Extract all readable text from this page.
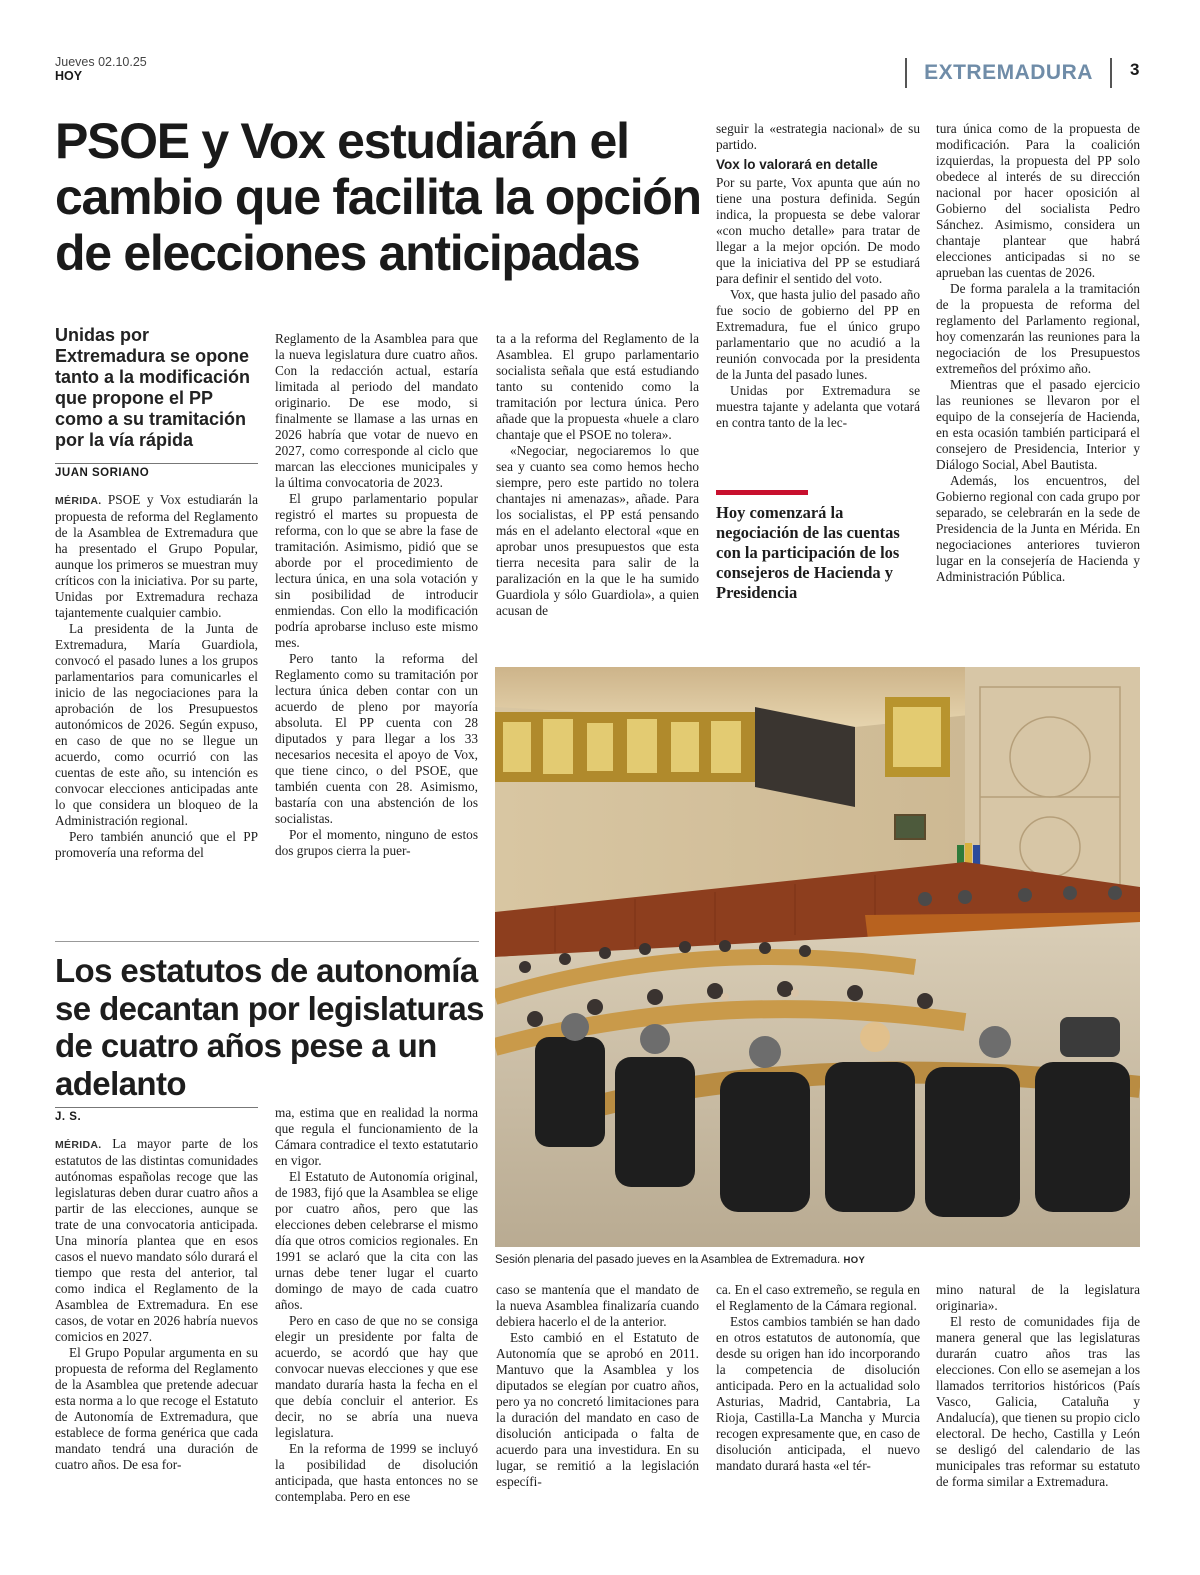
Jueves 02.10.25
HOY	EXTREMADURA	3
PSOE y Vox estudiarán el cambio que facilita la opción de elecciones anticipadas
Unidas por Extremadura se opone tanto a la modificación que propone el PP como a su tramitación por la vía rápida
JUAN SORIANO

MÉRIDA. PSOE y Vox estudiarán la propuesta de reforma del Reglamento de la Asamblea de Extremadura que ha presentado el Grupo Popular, aunque los primeros se muestran muy críticos con la iniciativa. Por su parte, Unidas por Extremadura rechaza tajantemente cualquier cambio.

La presidenta de la Junta de Extremadura, María Guardiola, convocó el pasado lunes a los grupos parlamentarios para comunicarles el inicio de las negociaciones para la aprobación de los Presupuestos autonómicos de 2026. Según expuso, en caso de que no se llegue un acuerdo, como ocurrió con las cuentas de este año, su intención es convocar elecciones anticipadas ante lo que considera un bloqueo de la Administración regional.

Pero también anunció que el PP promovería una reforma del

Reglamento de la Asamblea para que la nueva legislatura dure cuatro años. Con la redacción actual, estaría limitada al periodo del mandato originario. De ese modo, si finalmente se llamase a las urnas en 2026 habría que votar de nuevo en 2027, como corresponde al ciclo que marcan las elecciones municipales y la última convocatoria de 2023.

El grupo parlamentario popular registró el martes su propuesta de reforma, con lo que se abre la fase de tramitación. Asimismo, pidió que se aborde por el procedimiento de lectura única, en una sola votación y sin posibilidad de introducir enmiendas. Con ello la modificación podría aprobarse incluso este mismo mes.

Pero tanto la reforma del Reglamento como su tramitación por lectura única deben contar con un acuerdo de pleno por mayoría absoluta. El PP cuenta con 28 diputados y para llegar a los 33 necesarios necesita el apoyo de Vox, que tiene cinco, o del PSOE, que también cuenta con 28. Asimismo, bastaría con una abstención de los socialistas.

Por el momento, ninguno de estos dos grupos cierra la puer-

ta a la reforma del Reglamento de la Asamblea. El grupo parlamentario socialista señala que está estudiando tanto su contenido como la tramitación por lectura única. Pero añade que la propuesta «huele a claro chantaje que el PSOE no tolera».

«Negociar, negociaremos lo que sea y cuanto sea como hemos hecho siempre, pero este partido no tolera chantajes ni amenazas», añade. Para los socialistas, el PP está pensando más en el adelanto electoral «que en aprobar unos presupuestos que esta tierra necesita para salir de la paralización en la que le ha sumido Guardiola y sólo Guardiola», a quien acusan de

seguir la «estrategia nacional» de su partido.

Vox lo valorará en detalle

Por su parte, Vox apunta que aún no tiene una postura definida. Según indica, la propuesta se debe valorar «con mucho detalle» para tratar de llegar a la mejor opción. De modo que la iniciativa del PP se estudiará para definir el sentido del voto.

Vox, que hasta julio del pasado año fue socio de gobierno del PP en Extremadura, fue el único grupo parlamentario que no acudió a la reunión convocada por la presidenta de la Junta del pasado lunes.

Unidas por Extremadura se muestra tajante y adelanta que votará en contra tanto de la lec-

Hoy comenzará la negociación de las cuentas con la participación de los consejeros de Hacienda y Presidencia

tura única como de la propuesta de modificación. Para la coalición izquierdas, la propuesta del PP solo obedece al interés de su dirección nacional por hacer oposición al Gobierno del socialista Pedro Sánchez. Asimismo, considera un chantaje plantear que habrá elecciones anticipadas si no se aprueban las cuentas de 2026.

De forma paralela a la tramitación de la propuesta de reforma del reglamento del Parlamento regional, hoy comenzarán las reuniones para la negociación de los Presupuestos extremeños del próximo año.

Mientras que el pasado ejercicio las reuniones se llevaron por el equipo de la consejería de Hacienda, en esta ocasión también participará el consejero de Presidencia, Interior y Diálogo Social, Abel Bautista.

Además, los encuentros, del Gobierno regional con cada grupo por separado, se celebrarán en la sede de Presidencia de la Junta en Mérida. En negociaciones anteriores tuvieron lugar en la consejería de Hacienda y Administración Pública.

Sesión plenaria del pasado jueves en la Asamblea de Extremadura. HOY
Los estatutos de autonomía se decantan por legislaturas de cuatro años pese a un adelanto
J. S.

MÉRIDA. La mayor parte de los estatutos de las distintas comunidades autónomas españolas recoge que las legislaturas deben durar cuatro años a partir de las elecciones, aunque se trate de una convocatoria anticipada. Una minoría plantea que en esos casos el nuevo mandato sólo durará el tiempo que resta del anterior, tal como indica el Reglamento de la Asamblea de Extremadura. En ese casos, de votar en 2026 habría nuevos comicios en 2027.

El Grupo Popular argumenta en su propuesta de reforma del Reglamento de la Asamblea que pretende adecuar esta norma a lo que recoge el Estatuto de Autonomía de Extremadura, que establece de forma genérica que cada mandato tendrá una duración de cuatro años. De esa for-

ma, estima que en realidad la norma que regula el funcionamiento de la Cámara contradice el texto estatutario en vigor.

El Estatuto de Autonomía original, de 1983, fijó que la Asamblea se elige por cuatro años, pero que las elecciones deben celebrarse el mismo día que otros comicios regionales. En 1991 se aclaró que la cita con las urnas debe tener lugar el cuarto domingo de mayo de cada cuatro años.

Pero en caso de que no se consiga elegir un presidente por falta de acuerdo, se acordó que hay que convocar nuevas elecciones y que ese mandato duraría hasta la fecha en el que debía concluir el anterior. Es decir, no se abría una nueva legislatura.

En la reforma de 1999 se incluyó la posibilidad de disolución anticipada, que hasta entonces no se contemplaba. Pero en ese

caso se mantenía que el mandato de la nueva Asamblea finalizaría cuando debiera hacerlo el de la anterior.

Esto cambió en el Estatuto de Autonomía que se aprobó en 2011. Mantuvo que la Asamblea y los diputados se elegían por cuatro años, pero ya no concretó limitaciones para la duración del mandato en caso de disolución anticipada o falta de acuerdo para una investidura. En su lugar, se remitió a la legislación específi-

ca. En el caso extremeño, se regula en el Reglamento de la Cámara regional.

Estos cambios también se han dado en otros estatutos de autonomía, que desde su origen han ido incorporando la competencia de disolución anticipada. Pero en la actualidad solo Asturias, Madrid, Cantabria, La Rioja, Castilla-La Mancha y Murcia recogen expresamente que, en caso de disolución anticipada, el nuevo mandato durará hasta «el tér-

mino natural de la legislatura originaria».

El resto de comunidades fija de manera general que las legislaturas durarán cuatro años tras las elecciones. Con ello se asemejan a los llamados territorios históricos (País Vasco, Galicia, Cataluña y Andalucía), que tienen su propio ciclo electoral. De hecho, Castilla y León se desligó del calendario de las municipales tras reformar su estatuto de forma similar a Extremadura.
